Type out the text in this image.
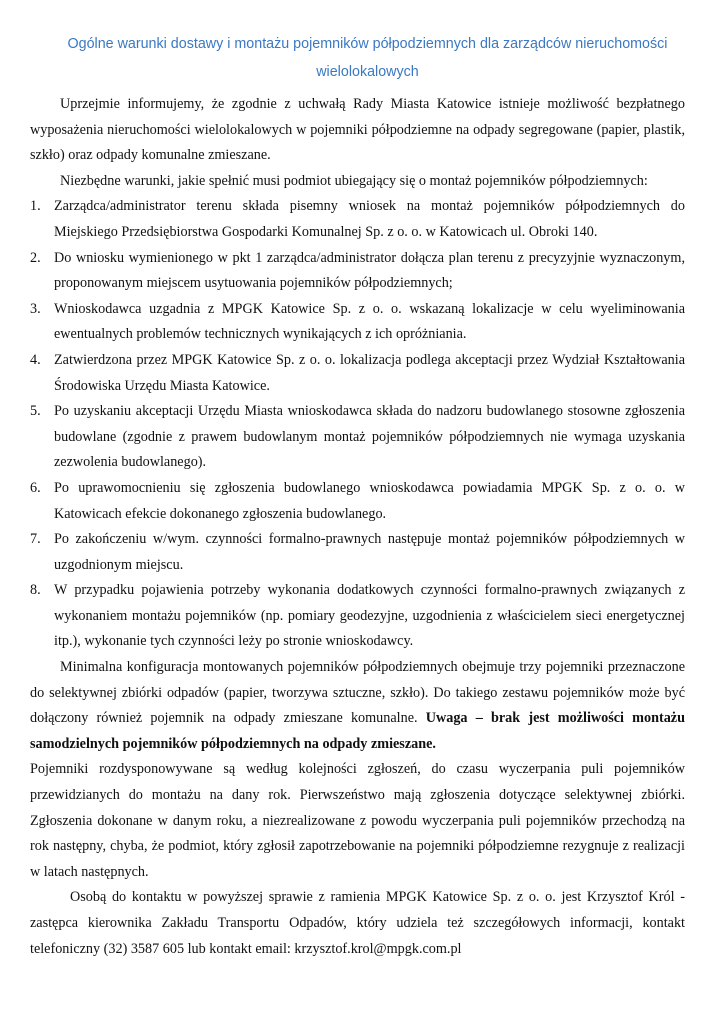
Ogólne warunki dostawy i montażu pojemników półpodziemnych dla zarządców nieruchomości
wielolokalowych

Uprzejmie informujemy, że zgodnie z uchwałą Rady Miasta Katowice istnieje możliwość bezpłatnego wyposażenia nieruchomości wielolokalowych w pojemniki półpodziemne na odpady segregowane (papier, plastik, szkło) oraz odpady komunalne zmieszane.

Niezbędne warunki, jakie spełnić musi podmiot ubiegający się o montaż pojemników półpodziemnych:

1. Zarządca/administrator terenu składa pisemny wniosek na montaż pojemników półpodziemnych do Miejskiego Przedsiębiorstwa Gospodarki Komunalnej Sp. z o. o. w Katowicach ul. Obroki 140.
2. Do wniosku wymienionego w pkt 1 zarządca/administrator dołącza plan terenu z precyzyjnie wyznaczonym, proponowanym miejscem usytuowania pojemników półpodziemnych;
3. Wnioskodawca uzgadnia z MPGK Katowice Sp. z o. o. wskazaną lokalizacje w celu wyeliminowania ewentualnych problemów technicznych wynikających z ich opróżniania.
4. Zatwierdzona przez MPGK Katowice Sp. z o. o. lokalizacja podlega akceptacji przez Wydział Kształtowania Środowiska Urzędu Miasta Katowice.
5. Po uzyskaniu akceptacji Urzędu Miasta wnioskodawca składa do nadzoru budowlanego stosowne zgłoszenia budowlane (zgodnie z prawem budowlanym montaż pojemników półpodziemnych nie wymaga uzyskania zezwolenia budowlanego).
6. Po uprawomocnieniu się zgłoszenia budowlanego wnioskodawca powiadamia MPGK Sp. z o. o. w Katowicach efekcie dokonanego zgłoszenia budowlanego.
7. Po zakończeniu w/wym. czynności formalno-prawnych następuje montaż pojemników półpodziemnych w uzgodnionym miejscu.
8. W przypadku pojawienia potrzeby wykonania dodatkowych czynności formalno-prawnych związanych z wykonaniem montażu pojemników (np. pomiary geodezyjne, uzgodnienia z właścicielem sieci energetycznej itp.), wykonanie tych czynności leży po stronie wnioskodawcy.

Minimalna konfiguracja montowanych pojemników półpodziemnych obejmuje trzy pojemniki przeznaczone do selektywnej zbiórki odpadów (papier, tworzywa sztuczne, szkło). Do takiego zestawu pojemników może być dołączony również pojemnik na odpady zmieszane komunalne. Uwaga – brak jest możliwości montażu samodzielnych pojemników półpodziemnych na odpady zmieszane.

Pojemniki rozdysponowywane są według kolejności zgłoszeń, do czasu wyczerpania puli pojemników przewidzianych do montażu na dany rok. Pierwszeństwo mają zgłoszenia dotyczące selektywnej zbiórki. Zgłoszenia dokonane w danym roku, a niezrealizowane z powodu wyczerpania puli pojemników przechodzą na rok następny, chyba, że podmiot, który zgłosił zapotrzebowanie na pojemniki półpodziemne rezygnuje z realizacji w latach następnych.

Osobą do kontaktu w powyższej sprawie z ramienia MPGK Katowice Sp. z o. o. jest Krzysztof Król - zastępca kierownika Zakładu Transportu Odpadów, który udziela też szczegółowych informacji, kontakt telefoniczny (32) 3587 605 lub kontakt email: krzysztof.krol@mpgk.com.pl
